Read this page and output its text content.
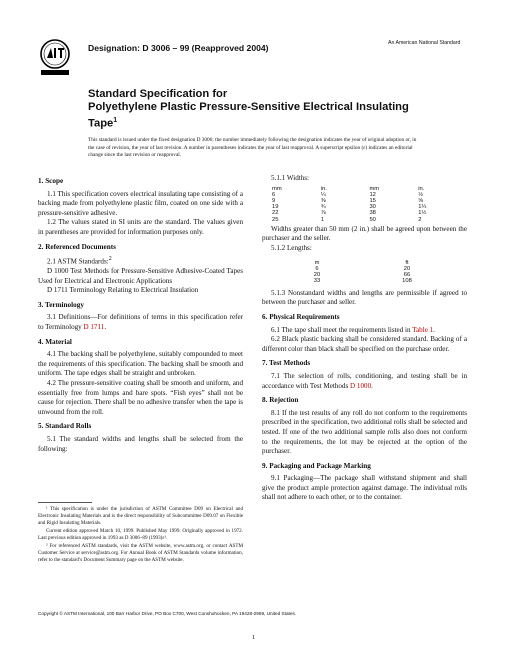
Designation: D 3006 – 99 (Reapproved 2004)	An American National Standard
Standard Specification for
Polyethylene Plastic Pressure-Sensitive Electrical Insulating
Tape$^1$
This standard is issued under the fixed designation D 3006; the number immediately following the designation indicates the year of original adoption or, in the case of revision, the year of last revision. A number in parentheses indicates the year of last reapproval. A superscript epsilon (ε) indicates an editorial change since the last revision or reapproval.
1. Scope

1.1 This specification covers electrical insulating tape consisting of a backing made from polyethylene plastic film, coated on one side with a pressure-sensitive adhesive.

1.2 The values stated in SI units are the standard. The values given in parentheses are provided for information purposes only.

2. Referenced Documents

2.1 ASTM Standards:$^2$

D 1000 Test Methods for Pressure-Sensitive Adhesive-Coated Tapes Used for Electrical and Electronic Applications

D 1711 Terminology Relating to Electrical Insulation

3. Terminology

3.1 Definitions—For definitions of terms in this specification refer to Terminology D 1711.

4. Material

4.1 The backing shall be polyethylene, suitably compounded to meet the requirements of this specification. The backing shall be smooth and uniform. The tape edges shall be straight and unbroken.

4.2 The pressure-sensitive coating shall be smooth and uniform, and essentially free from lumps and bare spots. “Fish eyes” shall not be cause for rejection. There shall be no adhesive transfer when the tape is unwound from the roll.

5. Standard Rolls

5.1 The standard widths and lengths shall be selected from the following:

¹ This specification is under the jurisdiction of ASTM Committee D09 on Electrical and Electronic Insulating Materials and is the direct responsibility of Subcommittee D09.07 on Flexible and Rigid Insulating Materials.

Current edition approved March 10, 1999. Published May 1999. Originally approved in 1972. Last previous edition approved in 1993 as D 3006–89 (1993)ε¹.

² For referenced ASTM standards, visit the ASTM website, www.astm.org, or contact ASTM Customer Service at service@astm.org. For Annual Book of ASTM Standards volume information, refer to the standard’s Document Summary page on the ASTM website.

5.1.1 Widths:

mm	in.	mm	in.
6	¼	12	½
9	⅜	15	⅝
19	¾	30	1¼
22	⅞	38	1½
25	1	50	2

Widths greater than 50 mm (2 in.) shall be agreed upon between the purchaser and the seller.

5.1.2 Lengths:

m	ft
6	20
20	66
33	108

5.1.3 Nonstandard widths and lengths are permissible if agreed to between the purchaser and seller.

6. Physical Requirements

6.1 The tape shall meet the requirements listed in Table 1.

6.2 Black plastic backing shall be considered standard. Backing of a different color than black shall be specified on the purchase order.

7. Test Methods

7.1 The selection of rolls, conditioning, and testing shall be in accordance with Test Methods D 1000.

8. Rejection

8.1 If the test results of any roll do not conform to the requirements prescribed in the specification, two additional rolls shall be selected and tested. If one of the two additional sample rolls also does not conform to the requirements, the lot may be rejected at the option of the purchaser.

9. Packaging and Package Marking

9.1 Packaging—The package shall withstand shipment and shall give the product ample protection against damage. The individual rolls shall not adhere to each other, or to the container.

Copyright © ASTM International, 100 Barr Harbor Drive, PO Box C700, West Conshohocken, PA 19428-2959, United States.
1
